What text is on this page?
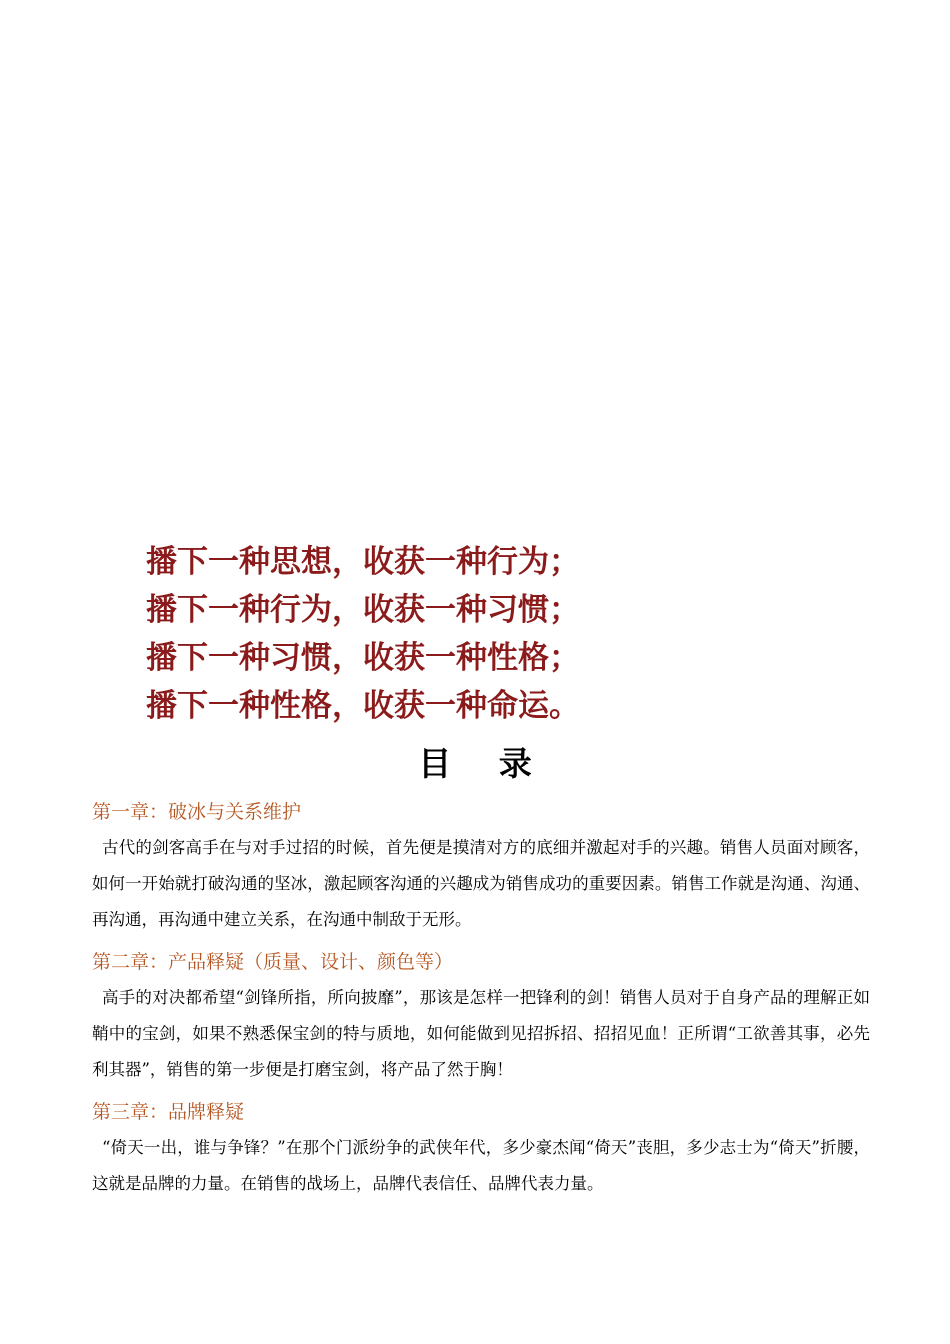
播下一种思想，收获一种行为；
播下一种行为，收获一种习惯；
播下一种习惯，收获一种性格；
播下一种性格，收获一种命运。
目 录
第一章：破冰与关系维护

古代的剑客高手在与对手过招的时候，首先便是摸清对方的底细并激起对手的兴趣。销售人员面对顾客，如何一开始就打破沟通的坚冰，激起顾客沟通的兴趣成为销售成功的重要因素。销售工作就是沟通、沟通、再沟通，再沟通中建立关系，在沟通中制敌于无形。

第二章：产品释疑（质量、设计、颜色等）

高手的对决都希望“剑锋所指，所向披靡”，那该是怎样一把锋利的剑！销售人员对于自身产品的理解正如鞘中的宝剑，如果不熟悉保宝剑的特与质地，如何能做到见招拆招、招招见血！正所谓“工欲善其事，必先利其器”，销售的第一步便是打磨宝剑，将产品了然于胸！

第三章：品牌释疑

“倚天一出，谁与争锋？”在那个门派纷争的武侠年代，多少豪杰闻“倚天”丧胆，多少志士为“倚天”折腰，这就是品牌的力量。在销售的战场上，品牌代表信任、品牌代表力量。
